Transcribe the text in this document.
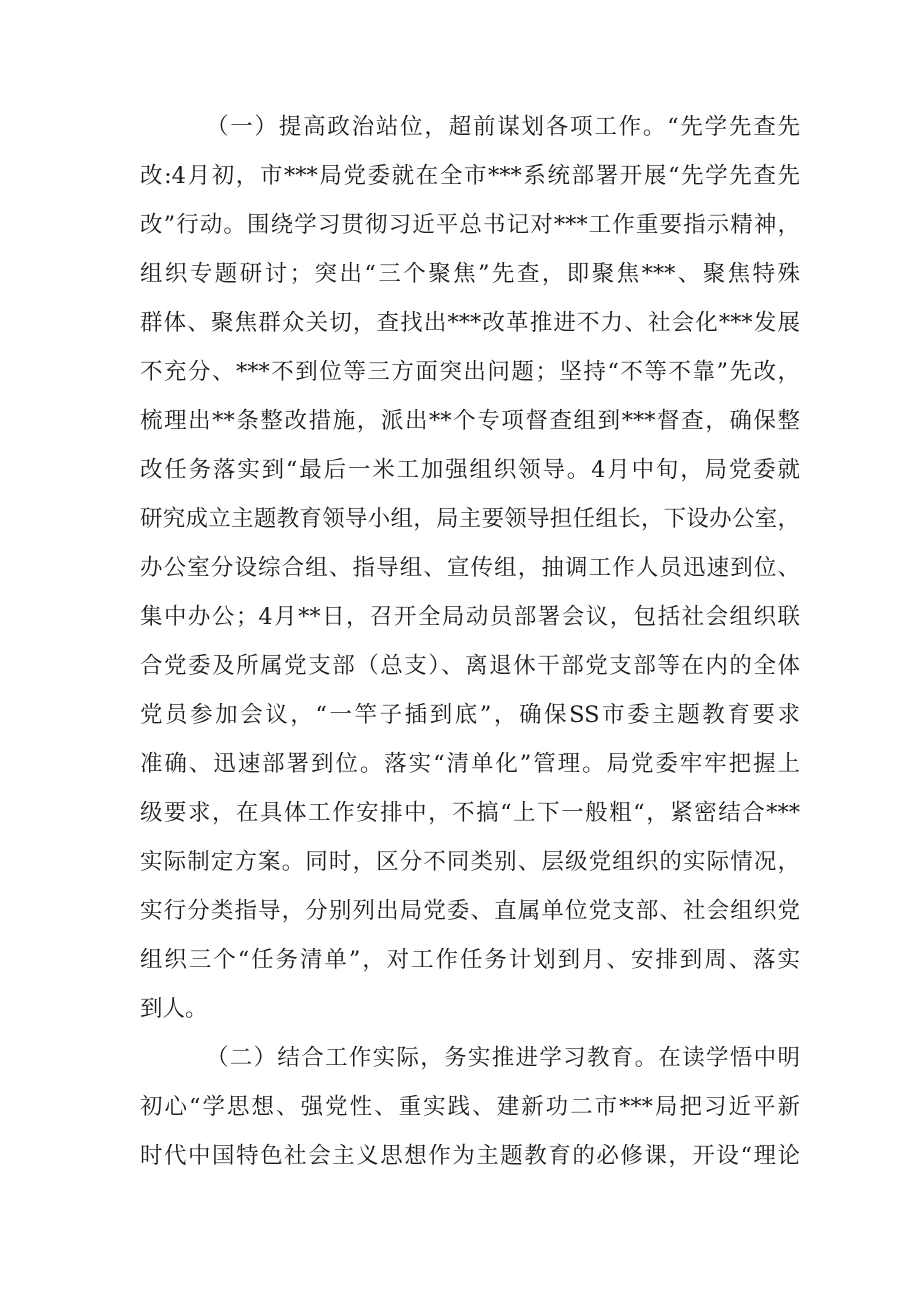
（一）提高政治站位，超前谋划各项工作。“先学先查先
改:4月初，市***局党委就在全市***系统部署开展“先学先查先
改”行动。围绕学习贯彻习近平总书记对***工作重要指示精神，
组织专题研讨；突出“三个聚焦”先查，即聚焦***、聚焦特殊
群体、聚焦群众关切，查找出***改革推进不力、社会化***发展
不充分、***不到位等三方面突出问题；坚持“不等不靠”先改，
梳理出**条整改措施，派出**个专项督查组到***督查，确保整
改任务落实到“最后一米工加强组织领导。4月中旬，局党委就
研究成立主题教育领导小组，局主要领导担任组长，下设办公室，
办公室分设综合组、指导组、宣传组，抽调工作人员迅速到位、
集中办公；4月**日，召开全局动员部署会议，包括社会组织联
合党委及所属党支部（总支）、离退休干部党支部等在内的全体
党员参加会议，“一竿子插到底”，确保SS市委主题教育要求
准确、迅速部署到位。落实“清单化”管理。局党委牢牢把握上
级要求，在具体工作安排中，不搞“上下一般粗“，紧密结合***
实际制定方案。同时，区分不同类别、层级党组织的实际情况，
实行分类指导，分别列出局党委、直属单位党支部、社会组织党
组织三个“任务清单”，对工作任务计划到月、安排到周、落实
到人。
（二）结合工作实际，务实推进学习教育。在读学悟中明
初心“学思想、强党性、重实践、建新功二市***局把习近平新
时代中国特色社会主义思想作为主题教育的必修课，开设“理论
